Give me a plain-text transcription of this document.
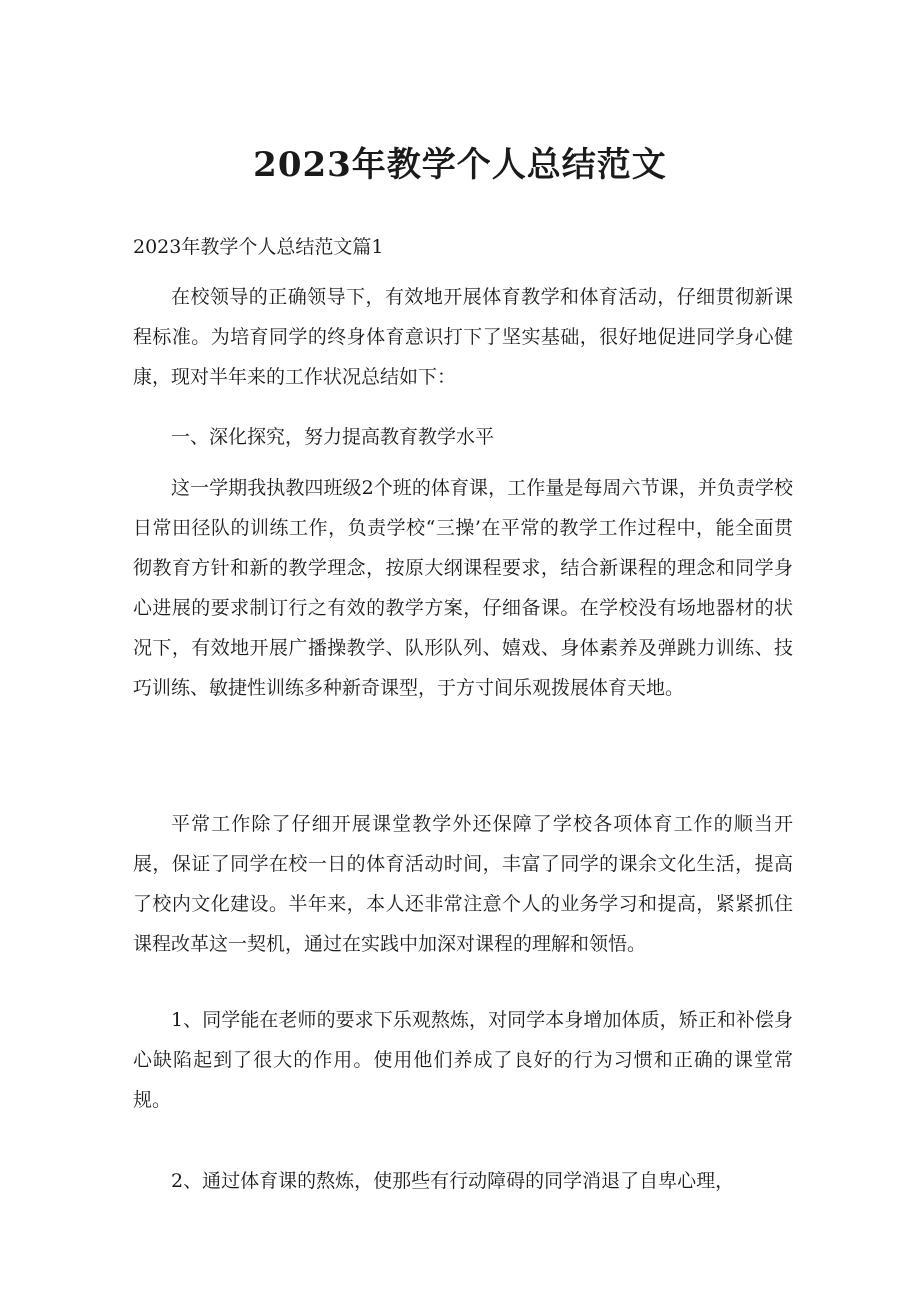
2023年教学个人总结范文

2023年教学个人总结范文篇1

在校领导的正确领导下，有效地开展体育教学和体育活动，仔细贯彻新课程标准。为培育同学的终身体育意识打下了坚实基础，很好地促进同学身心健康，现对半年来的工作状况总结如下：

一、深化探究，努力提高教育教学水平

这一学期我执教四班级2个班的体育课，工作量是每周六节课，并负责学校日常田径队的训练工作，负责学校“三操’在平常的教学工作过程中，能全面贯彻教育方针和新的教学理念，按原大纲课程要求，结合新课程的理念和同学身心进展的要求制订行之有效的教学方案，仔细备课。在学校没有场地器材的状况下，有效地开展广播操教学、队形队列、嬉戏、身体素养及弹跳力训练、技巧训练、敏捷性训练多种新奇课型，于方寸间乐观拨展体育天地。

平常工作除了仔细开展课堂教学外还保障了学校各项体育工作的顺当开展，保证了同学在校一日的体育活动时间，丰富了同学的课余文化生活，提高了校内文化建设。半年来，本人还非常注意个人的业务学习和提高，紧紧抓住课程改革这一契机，通过在实践中加深对课程的理解和领悟。

1、同学能在老师的要求下乐观熬炼，对同学本身增加体质，矫正和补偿身心缺陷起到了很大的作用。使用他们养成了良好的行为习惯和正确的课堂常规。

2、通过体育课的熬炼，使那些有行动障碍的同学消退了自卑心理，
